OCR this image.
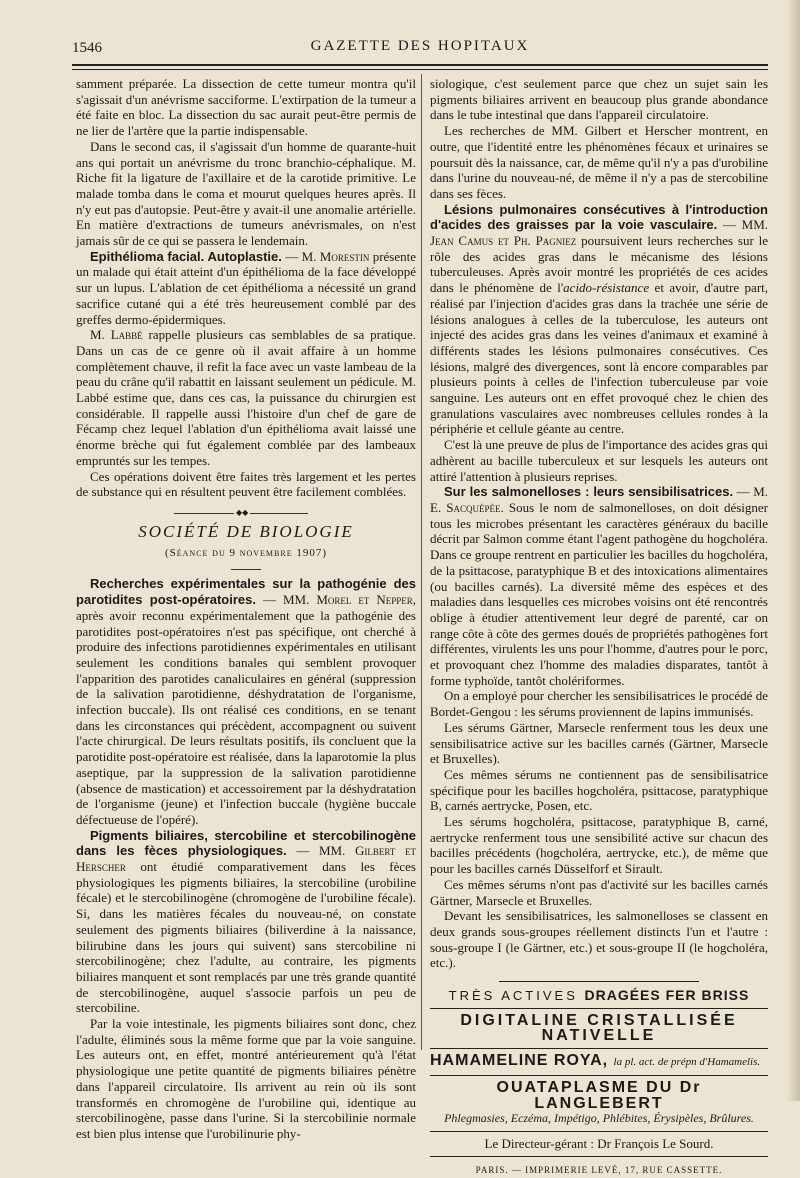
1546	GAZETTE DES HOPITAUX

samment préparée. La dissection de cette tumeur montra qu'il s'agissait d'un anévrisme sacciforme. L'extirpation de la tumeur a été faite en bloc. La dissection du sac aurait peut-être permis de ne lier de l'artère que la partie indispensable.

Dans le second cas, il s'agissait d'un homme de quarante-huit ans qui portait un anévrisme du tronc branchio-céphalique. M. Riche fit la ligature de l'axillaire et de la carotide primitive. Le malade tomba dans le coma et mourut quelques heures après. Il n'y eut pas d'autopsie. Peut-être y avait-il une anomalie artérielle. En matière d'extractions de tumeurs anévrismales, on n'est jamais sûr de ce qui se passera le lendemain.

Epithélioma facial. Autoplastie. — M. Morestin présente un malade qui était atteint d'un épithélioma de la face développé sur un lupus. L'ablation de cet épithélioma a nécessité un grand sacrifice cutané qui a été très heureusement comblé par des greffes dermo-épidermiques.

M. Labbé rappelle plusieurs cas semblables de sa pratique. Dans un cas de ce genre où il avait affaire à un homme complètement chauve, il refit la face avec un vaste lambeau de la peau du crâne qu'il rabattit en laissant seulement un pédicule. M. Labbé estime que, dans ces cas, la puissance du chirurgien est considérable. Il rappelle aussi l'histoire d'un chef de gare de Fécamp chez lequel l'ablation d'un épithélioma avait laissé une énorme brèche qui fut également comblée par des lambeaux empruntés sur les tempes.

Ces opérations doivent être faites très largement et les pertes de substance qui en résultent peuvent être facilement comblées.

◆◆
SOCIÉTÉ DE BIOLOGIE
(Séance du 9 novembre 1907)

Recherches expérimentales sur la pathogénie des parotidites post-opératoires. — MM. Morel et Nepper, après avoir reconnu expérimentalement que la pathogénie des parotidites post-opératoires n'est pas spécifique, ont cherché à produire des infections parotidiennes expérimentales en utilisant seulement les conditions banales qui semblent provoquer l'apparition des parotides canaliculaires en général (suppression de la salivation parotidienne, déshydratation de l'organisme, infection buccale). Ils ont réalisé ces conditions, en se tenant dans les circonstances qui précèdent, accompagnent ou suivent l'acte chirurgical. De leurs résultats positifs, ils concluent que la parotidite post-opératoire est réalisée, dans la laparotomie la plus aseptique, par la suppression de la salivation parotidienne (absence de mastication) et accessoirement par la déshydratation de l'organisme (jeune) et l'infection buccale (hygiène buccale défectueuse de l'opéré).

Pigments biliaires, stercobiline et stercobilinogène dans les fèces physiologiques. — MM. Gilbert et Herscher ont étudié comparativement dans les fèces physiologiques les pigments biliaires, la stercobiline (urobiline fécale) et le stercobilinogène (chromogène de l'urobiline fécale). Si, dans les matières fécales du nouveau-né, on constate seulement des pigments biliaires (biliverdine à la naissance, bilirubine dans les jours qui suivent) sans stercobiline ni stercobilinogène; chez l'adulte, au contraire, les pigments biliaires manquent et sont remplacés par une très grande quantité de stercobilinogène, auquel s'associe parfois un peu de stercobiline.

Par la voie intestinale, les pigments biliaires sont donc, chez l'adulte, éliminés sous la même forme que par la voie sanguine. Les auteurs ont, en effet, montré antérieurement qu'à l'état physiologique une petite quantité de pigments biliaires pénètre dans l'appareil circulatoire. Ils arrivent au rein où ils sont transformés en chromogène de l'urobiline qui, identique au stercobilinogène, passe dans l'urine. Si la stercobilinie normale est bien plus intense que l'urobilinurie phy-

siologique, c'est seulement parce que chez un sujet sain les pigments biliaires arrivent en beaucoup plus grande abondance dans le tube intestinal que dans l'appareil circulatoire.

Les recherches de MM. Gilbert et Herscher montrent, en outre, que l'identité entre les phénomènes fécaux et urinaires se poursuit dès la naissance, car, de même qu'il n'y a pas d'urobiline dans l'urine du nouveau-né, de même il n'y a pas de stercobiline dans ses fèces.

Lésions pulmonaires consécutives à l'introduction d'acides des graisses par la voie vasculaire. — MM. Jean Camus et Ph. Pagniez poursuivent leurs recherches sur le rôle des acides gras dans le mécanisme des lésions tuberculeuses. Après avoir montré les propriétés de ces acides dans le phénomène de l'acido-résistance et avoir, d'autre part, réalisé par l'injection d'acides gras dans la trachée une série de lésions analogues à celles de la tuberculose, les auteurs ont injecté des acides gras dans les veines d'animaux et examiné à différents stades les lésions pulmonaires consécutives. Ces lésions, malgré des divergences, sont là encore comparables par plusieurs points à celles de l'infection tuberculeuse par voie sanguine. Les auteurs ont en effet provoqué chez le chien des granulations vasculaires avec nombreuses cellules rondes à la périphérie et cellule géante au centre.

C'est là une preuve de plus de l'importance des acides gras qui adhèrent au bacille tuberculeux et sur lesquels les auteurs ont attiré l'attention à plusieurs reprises.

Sur les salmonelloses : leurs sensibilisatrices. — M. E. Sacquépée. Sous le nom de salmonelloses, on doit désigner tous les microbes présentant les caractères généraux du bacille décrit par Salmon comme étant l'agent pathogène du hogcholéra. Dans ce groupe rentrent en particulier les bacilles du hogcholéra, de la psittacose, paratyphique B et des intoxications alimentaires (ou bacilles carnés). La diversité même des espèces et des maladies dans lesquelles ces microbes voisins ont été rencontrés oblige à étudier attentivement leur degré de parenté, car on range côte à côte des germes doués de propriétés pathogènes fort différentes, virulents les uns pour l'homme, d'autres pour le porc, et provoquant chez l'homme des maladies disparates, tantôt à forme typhoïde, tantôt cholériformes.

On a employé pour chercher les sensibilisatrices le procédé de Bordet-Gengou : les sérums proviennent de lapins immunisés.

Les sérums Gärtner, Marsecle renferment tous les deux une sensibilisatrice active sur les bacilles carnés (Gärtner, Marsecle et Bruxelles).

Ces mêmes sérums ne contiennent pas de sensibilisatrice spécifique pour les bacilles hogcholéra, psittacose, paratyphique B, carnés aertrycke, Posen, etc.

Les sérums hogcholéra, psittacose, paratyphique B, carné, aertrycke renferment tous une sensibilité active sur chacun des bacilles précédents (hogcholéra, aertrycke, etc.), de même que pour les bacilles carnés Düsselforf et Sirault.

Ces mêmes sérums n'ont pas d'activité sur les bacilles carnés Gärtner, Marsecle et Bruxelles.

Devant les sensibilisatrices, les salmonelloses se classent en deux grands sous-groupes réellement distincts l'un et l'autre : sous-groupe I (le Gärtner, etc.) et sous-groupe II (le hogcholéra, etc.).

TRÈS ACTIVES DRAGÉES FER BRISS
DIGITALINE CRISTALLISÉE NATIVELLE
HAMAMELINE ROYA, la pl. act. de prépn d'Hamamelis.
OUATAPLASME DU Dr LANGLEBERT
Phlegmasies, Eczéma, Impétigo, Phlébites, Érysipèles, Brûlures.
Le Directeur-gérant : Dr François Le Sourd.
PARIS. — IMPRIMERIE LEVÉ, 17, RUE CASSETTE.
